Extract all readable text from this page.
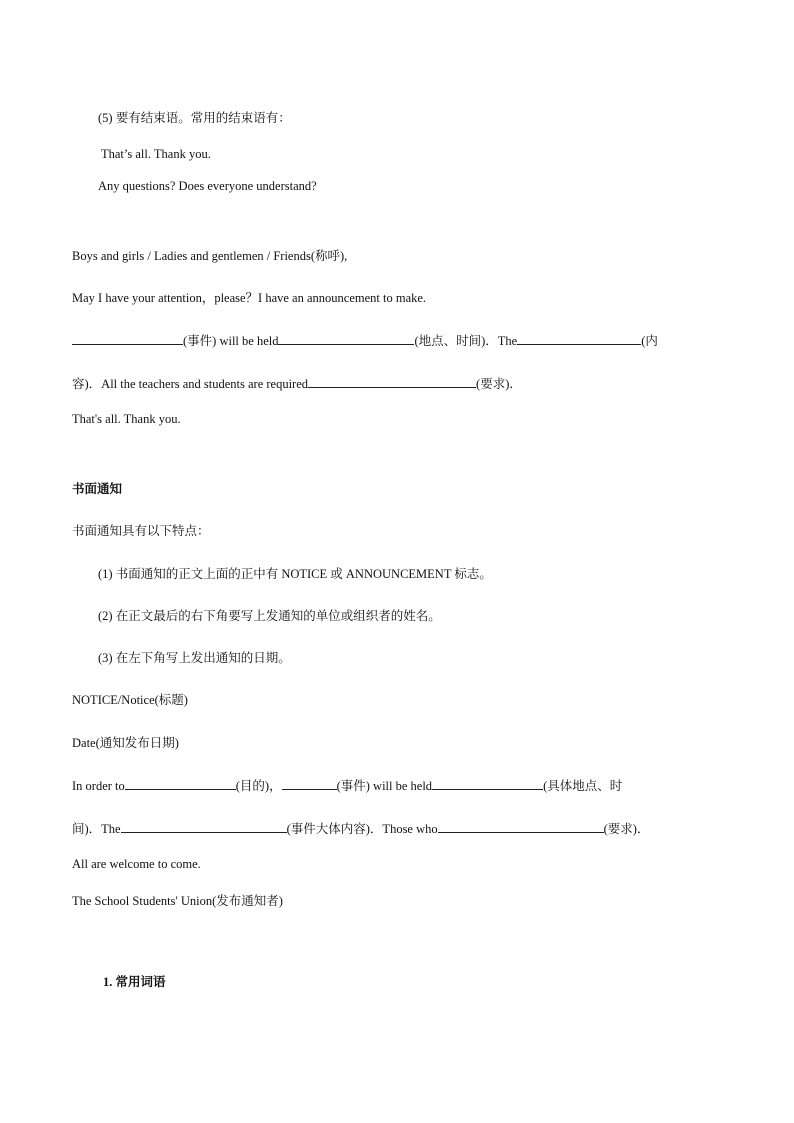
(5) 要有结束语。常用的结束语有：
That’s all. Thank you.
Any questions? Does everyone understand?
Boys and girls / Ladies and gentlemen / Friends(称呼),
May I have your attention，please？I have an announcement to make.
(事件) will be held	(地点、时间)．The	(内
容)．All the teachers and students are required	(要求)．
That's all. Thank you.
书面通知
书面通知具有以下特点：
(1) 书面通知的正文上面的正中有 NOTICE 或 ANNOUNCEMENT 标志。
(2) 在正文最后的右下角要写上发通知的单位或组织者的姓名。
(3) 在左下角写上发出通知的日期。
NOTICE/Notice(标题)
Date(通知发布日期)
In order to	(目的)，	(事件) will be held	(具体地点、时
间)．The	(事件大体内容)．Those who	(要求)．
All are welcome to come.
The School Students' Union(发布通知者)
1. 常用词语
